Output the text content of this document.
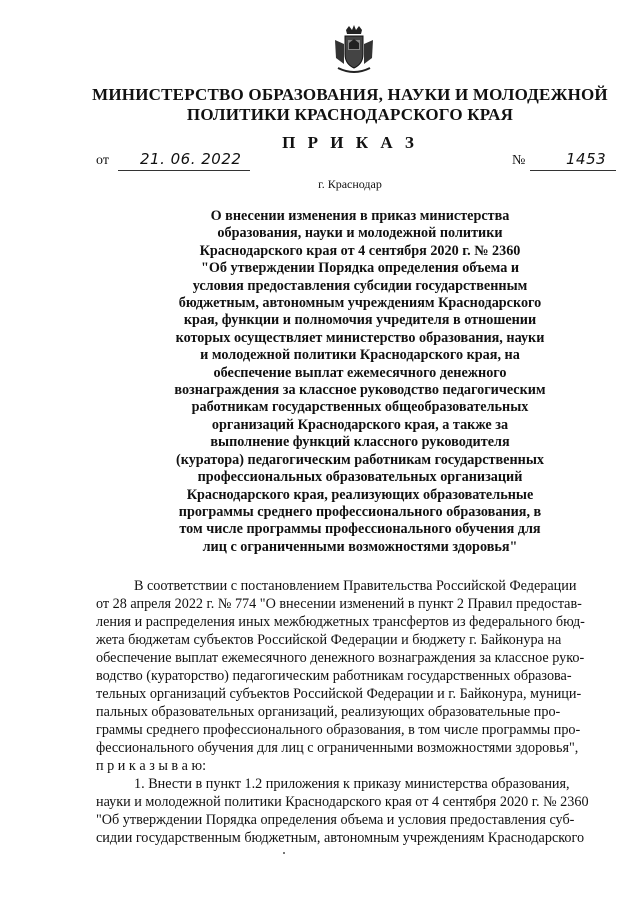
МИНИСТЕРСТВО ОБРАЗОВАНИЯ, НАУКИ И МОЛОДЕЖНОЙ
ПОЛИТИКИ КРАСНОДАРСКОГО КРАЯ
П Р И К А З
от 21. 06. 2022	№	1453
г. Краснодар
О внесении изменения в приказ министерства
образования, науки и молодежной политики
Краснодарского края от 4 сентября 2020 г. № 2360
"Об утверждении Порядка определения объема и
условия предоставления субсидии государственным
бюджетным, автономным учреждениям Краснодарского
края, функции и полномочия учредителя в отношении
которых осуществляет министерство образования, науки
и молодежной политики Краснодарского края, на
обеспечение выплат ежемесячного денежного
вознаграждения за классное руководство педагогическим
работникам государственных общеобразовательных
организаций Краснодарского края, а также за
выполнение функций классного руководителя
(куратора) педагогическим работникам государственных
профессиональных образовательных организаций
Краснодарского края, реализующих образовательные
программы среднего профессионального образования, в
том числе программы профессионального обучения для
лиц с ограниченными возможностями здоровья"
В соответствии с постановлением Правительства Российской Федерации
от 28 апреля 2022 г. № 774 "О внесении изменений в пункт 2 Правил предостав-
ления и распределения иных межбюджетных трансфертов из федерального бюд-
жета бюджетам субъектов Российской Федерации и бюджету г. Байконура на
обеспечение выплат ежемесячного денежного вознаграждения за классное руко-
водство (кураторство) педагогическим работникам государственных образова-
тельных организаций субъектов Российской Федерации и г. Байконура, муници-
пальных образовательных организаций, реализующих образовательные про-
граммы среднего профессионального образования, в том числе программы про-
фессионального обучения для лиц с ограниченными возможностями здоровья",
п р и к а з ы в а ю:
1. Внести в пункт 1.2 приложения к приказу министерства образования,
науки и молодежной политики Краснодарского края от 4 сентября 2020 г. № 2360
"Об утверждении Порядка определения объема и условия предоставления суб-
сидии государственным бюджетным, автономным учреждениям Краснодарского
